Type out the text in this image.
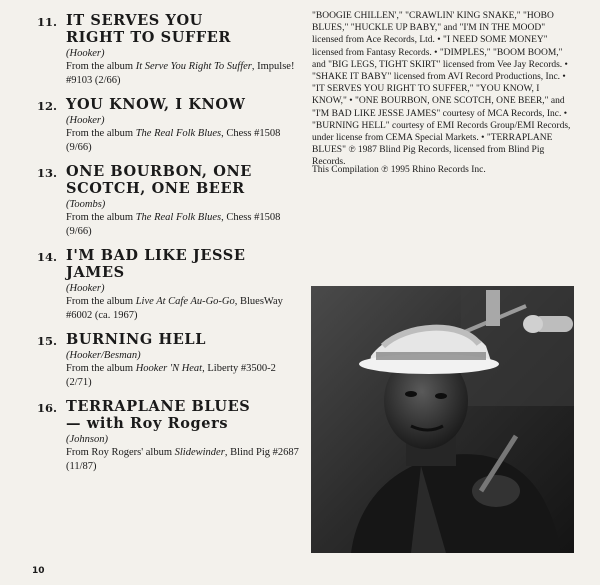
11. IT SERVES YOU
RIGHT TO SUFFER
(Hooker)
From the album It Serve You Right To Suffer, Impulse! #9103 (2/66)
12. YOU KNOW, I KNOW
(Hooker)
From the album The Real Folk Blues, Chess #1508 (9/66)
13. ONE BOURBON, ONE
SCOTCH, ONE BEER
(Toombs)
From the album The Real Folk Blues, Chess #1508 (9/66)
14. I'M BAD LIKE JESSE
JAMES
(Hooker)
From the album Live At Cafe Au-Go-Go, BluesWay #6002 (ca. 1967)
15. BURNING HELL
(Hooker/Besman)
From the album Hooker 'N Heat, Liberty #3500-2 (2/71)
16. TERRAPLANE BLUES
— with Roy Rogers
(Johnson)
From Roy Rogers' album Slidewinder, Blind Pig #2687 (11/87)
"BOOGIE CHILLEN'," "CRAWLIN' KING SNAKE," "HOBO BLUES," "HUCKLE UP BABY," and "I'M IN THE MOOD" licensed from Ace Records, Ltd. • "I NEED SOME MONEY" licensed from Fantasy Records. • "DIMPLES," "BOOM BOOM," and "BIG LEGS, TIGHT SKIRT" licensed from Vee Jay Records. • "SHAKE IT BABY" licensed from AVI Record Productions, Inc. • "IT SERVES YOU RIGHT TO SUFFER," "YOU KNOW, I KNOW," • "ONE BOURBON, ONE SCOTCH, ONE BEER," and "I'M BAD LIKE JESSE JAMES" courtesy of MCA Records, Inc. • "BURNING HELL" courtesy of EMI Records Group/EMI Records, under license from CEMA Special Markets. • "TERRAPLANE BLUES" ℗ 1987 Blind Pig Records, licensed from Blind Pig Records.
This Compilation ℗ 1995 Rhino Records Inc.
10
